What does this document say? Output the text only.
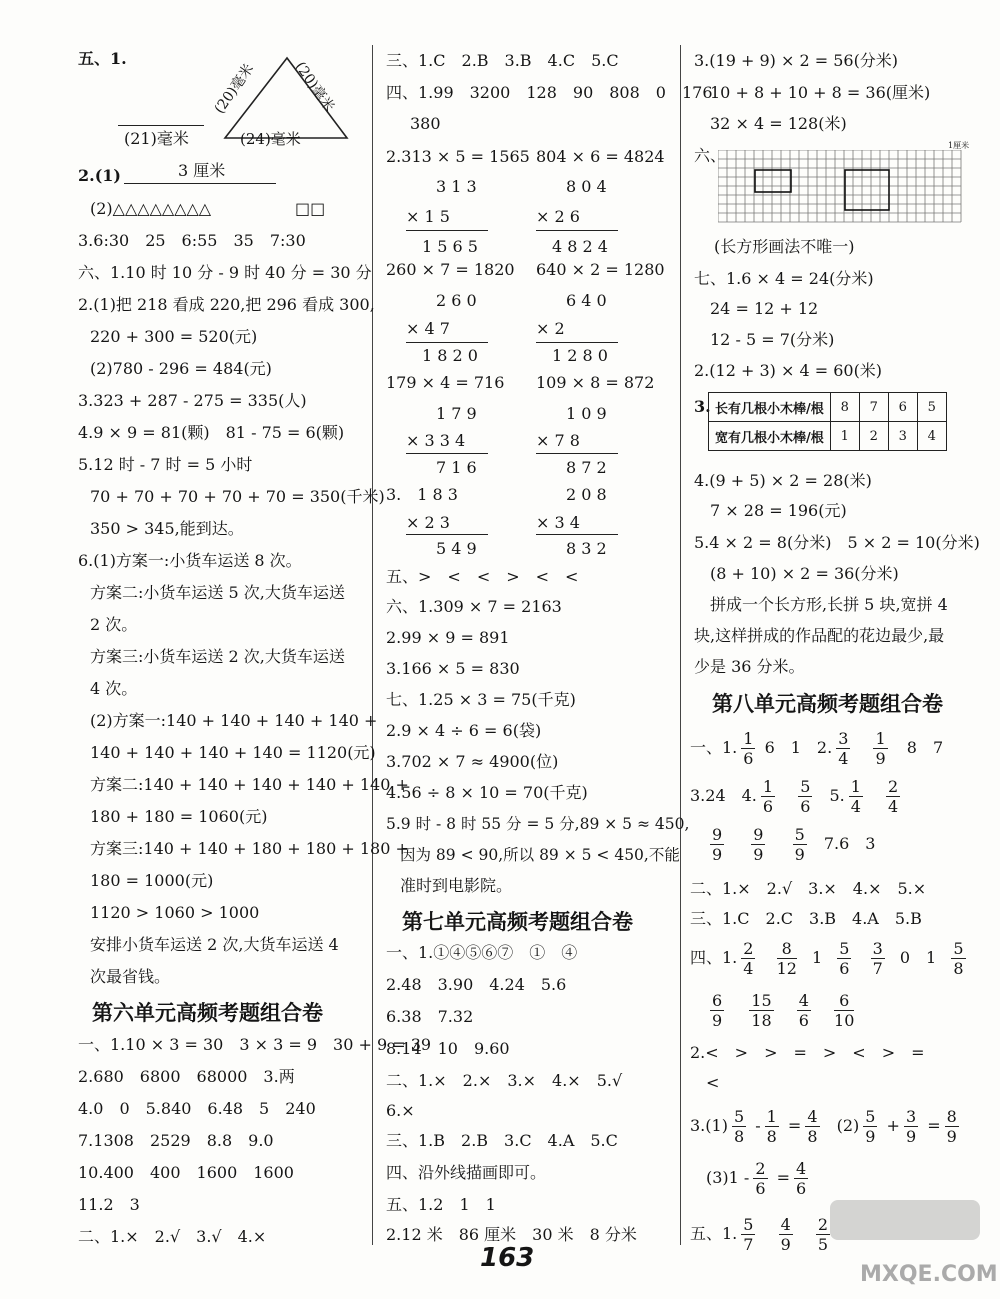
五、1.
(21)毫米
(20)毫米 (20)毫米
(24)毫米
2.(1)	3 厘米
(2)△△△△△△△△	□□
3.6:30　25　6:55　35　7:30
六、1.10 时 10 分 - 9 时 40 分 = 30 分
2.(1)把 218 看成 220,把 296 看成 300,
220 + 300 = 520(元)
(2)780 - 296 = 484(元)
3.323 + 287 - 275 = 335(人)
4.9 × 9 = 81(颗)　81 - 75 = 6(颗)
5.12 时 - 7 时 = 5 小时
70 + 70 + 70 + 70 + 70 = 350(千米)
350 > 345,能到达。
6.(1)方案一:小货车运送 8 次。
方案二:小货车运送 5 次,大货车运送
2 次。
方案三:小货车运送 2 次,大货车运送
4 次。
(2)方案一:140 + 140 + 140 + 140 +
140 + 140 + 140 + 140 = 1120(元)
方案二:140 + 140 + 140 + 140 + 140 +
180 + 180 = 1060(元)
方案三:140 + 140 + 180 + 180 + 180 +
180 = 1000(元)
1120 > 1060 > 1000
安排小货车运送 2 次,大货车运送 4
次最省钱。
第六单元高频考题组合卷
一、1.10 × 3 = 30　3 × 3 = 9　30 + 9 = 39
2.680　6800　68000　3.两
4.0　0　5.840　6.48　5　240
7.1308　2529　8.8　9.0
10.400　400　1600　1600
11.2　3
二、1.×　2.√　3.√　4.×
三、1.C　2.B　3.B　4.C　5.C
四、1.99　3200　128　90　808　0　176
380
2.313 × 5 = 1565 804 × 6 = 4824
3 1 3
× 1 5
1 5 6 5
8 0 4
× 2 6
4 8 2 4
260 × 7 = 1820 640 × 2 = 1280
2 6 0
× 4 7
1 8 2 0
6 4 0
× 2
1 2 8 0
179 × 4 = 716 109 × 8 = 872
1 7 9
× 3 3 4
7 1 6
1 0 9
× 7 8
8 7 2
3.　1 8 3
× 2 3
5 4 9
2 0 8
× 3 4
8 3 2
五、>　<　<　>　<　<
六、1.309 × 7 = 2163
2.99 × 9 = 891
3.166 × 5 = 830
七、1.25 × 3 = 75(千克)
2.9 × 4 ÷ 6 = 6(袋)
3.702 × 7 ≈ 4900(位)
4.56 ÷ 8 × 10 = 70(千克)
5.9 时 - 8 时 55 分 = 5 分,89 × 5 ≈ 450,
因为 89 < 90,所以 89 × 5 < 450,不能
准时到电影院。
第七单元高频考题组合卷
一、1.①④⑤⑥⑦　①　④
2.48　3.90　4.24　5.6
6.38　7.32
8.14　10　9.60
二、1.×　2.×　3.×　4.×　5.√
6.×
三、1.B　2.B　3.C　4.A　5.C
四、沿外线描画即可。
五、1.2　1　1
2.12 米　86 厘米　30 米　8 分米
3.(19 + 9) × 2 = 56(分米)
10 + 8 + 10 + 8 = 36(厘米)
32 × 4 = 128(米)
六、
1厘米
(长方形画法不唯一)
七、1.6 × 4 = 24(分米)
24 = 12 + 12
12 - 5 = 7(分米)
2.(12 + 3) × 4 = 60(米)
3. 长有几根小木棒/根	8	7	6	5
宽有几根小木棒/根	1	2	3	4
4.(9 + 5) × 2 = 28(米)
7 × 28 = 196(元)
5.4 × 2 = 8(分米)　5 × 2 = 10(分米)
(8 + 10) × 2 = 36(分米)
拼成一个长方形,长拼 5 块,宽拼 4
块,这样拼成的作品配的花边最少,最
少是 36 分米。
第八单元高频考题组合卷
一、1. $\frac{1}{6} 6$　1　2. $\frac{3}{4}$
$\frac{1}{9} 8$　7
3.24　4. $\frac{1}{6}$
$\frac{5}{6} 5$. $\frac{1}{4}$
$\frac{2}{4}$
$\frac{9}{9}$
$\frac{9}{9}$
$\frac{5}{9} 7.6$　3
二、1.×　2.√　3.×　4.×　5.×
三、1.C　2.C　3.B　4.A　5.B
四、1. $\frac{2}{4}$
$\frac{8}{12} 1 \frac{5}{6}$
$\frac{3}{7} 0$　$1 \frac{5}{8}$
$\frac{6}{9}$
$\frac{15}{18}$
$\frac{4}{6}$
$\frac{6}{10}$
2.<　>　>　=　>　<　>　=
<
$3.(1) \frac{5}{8} - \frac{1}{8} = \frac{4}{8} (2) \frac{5}{9} + \frac{3}{9} = \frac{8}{9}$
$(3)1 - \frac{2}{6} = \frac{4}{6}$
五、1. $\frac{5}{7}$
$\frac{4}{9}$
$\frac{2}{5}$
163
MXQE.COM
